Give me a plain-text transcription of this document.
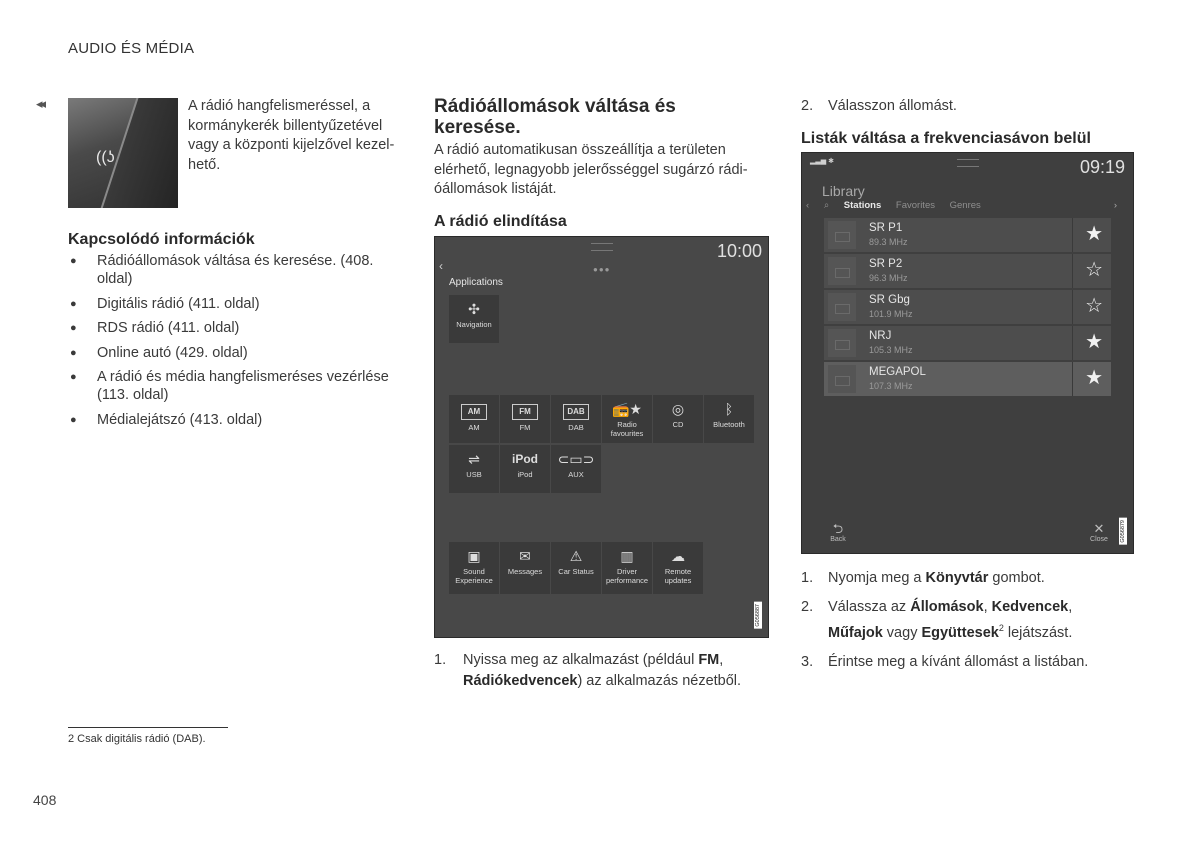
AUDIO ÉS MÉDIA
◂◂
((ʖ
A rádió hangfelismeréssel, a kormánykerék billentyűzetével vagy a központi kijelzővel kezelhető.
Kapcsolódó információk
● Rádióállomások váltása és keresése. (408. oldal)
● Digitális rádió (411. oldal)
● RDS rádió (411. oldal)
● Online autó (429. oldal)
● A rádió és média hangfelismeréses vezérlése (113. oldal)
● Médialejátszó (413. oldal)
Rádióállomások váltása és keresése.
A rádió automatikusan összeállítja a területen elérhető, legnagyobb jelerősséggel sugárzó rádióállomások listáját.
A rádió elindítása
10:00
‹	●●●
Applications
✣
Navigation
AM
AM
FM
FM
DAB
DAB
📻★
Radio favourites
◎
CD
ᛒ
Bluetooth
⇌
USB
iPod
iPod
⊂▭⊃
AUX
▣
Sound Experience
✉
Messages
⚠
Car Status
▥
Driver performance
☁
Remote updates
G056887
1. Nyissa meg az alkalmazást (például FM, Rádiókedvencek) az alkalmazás nézetből.
2. Válasszon állomást.
Listák váltása a frekvenciasávon belül
▂▃▅ ✱	09:19
Library
‹ ⌕ Stations Favorites Genres	›
SR P1
89.3 MHz	★
SR P2
96.3 MHz	☆
SR Gbg
101.9 MHz	☆
NRJ
105.3 MHz	★
MEGAPOL
107.3 MHz	★
⮌
Back
✕
Close	G056879
1. Nyomja meg a Könyvtár gombot.
2. Válassza az Állomások, Kedvencek, Műfajok vagy Együttesek$^2$ lejátszást.
3. Érintse meg a kívánt állomást a listában.
2 Csak digitális rádió (DAB).
408
